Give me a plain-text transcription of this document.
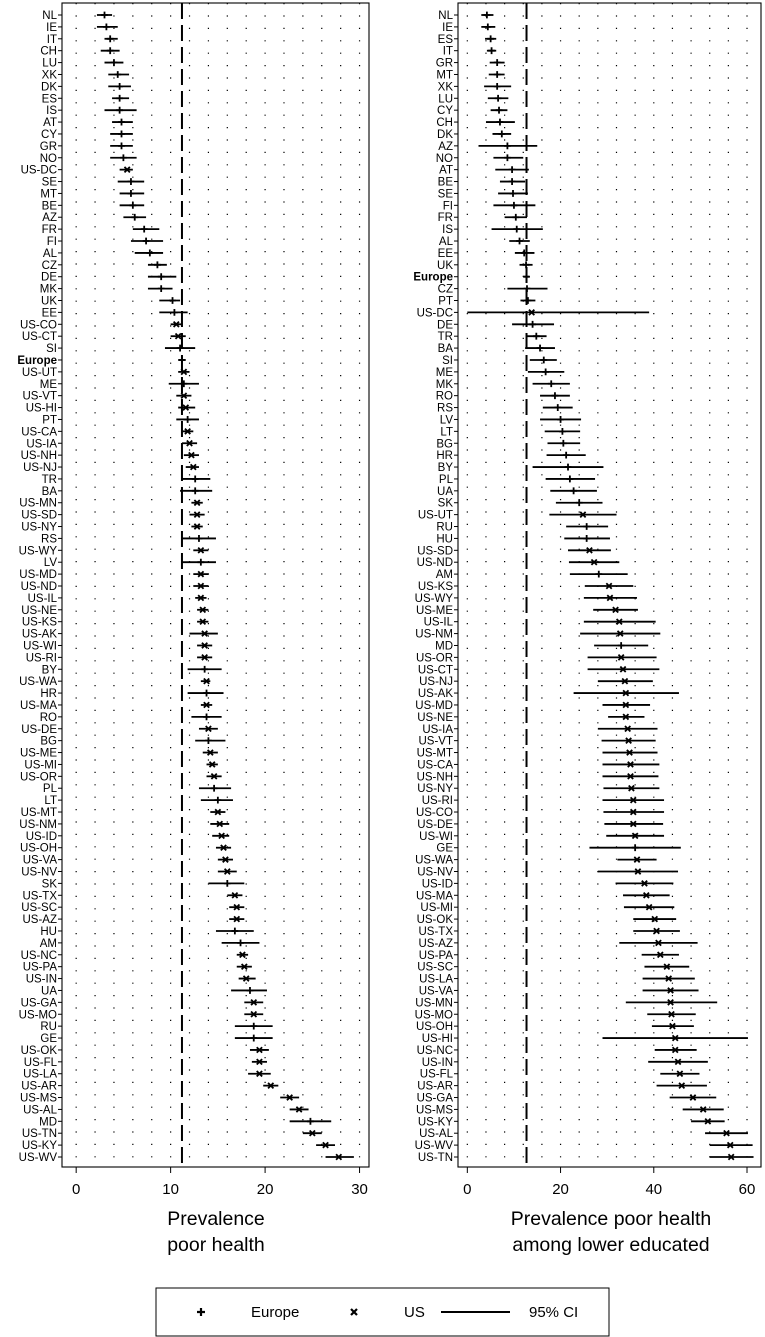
NL
IE
IT
CH
LU
XK
DK
ES
IS
AT
CY
GR
NO
US-DC
SE
MT
BE
AZ
FR
FI
AL
CZ
DE
MK
UK
EE
US-CO
US-CT
SI
Europe
US-UT
ME
US-VT
US-HI
PT
US-CA
US-IA
US-NH
US-NJ
TR
BA
US-MN
US-SD
US-NY
RS
US-WY
LV
US-MD
US-ND
US-IL
US-NE
US-KS
US-AK
US-WI
US-RI
BY
US-WA
HR
US-MA
RO
US-DE
BG
US-ME
US-MI
US-OR
PL
LT
US-MT
US-NM
US-ID
US-OH
US-VA
US-NV
SK
US-TX
US-SC
US-AZ
HU
AM
US-NC
US-PA
US-IN
UA
US-GA
US-MO
RU
GE
US-OK
US-FL
US-LA
US-AR
US-MS
US-AL
MD
US-TN
US-KY
US-WV
0	10	20	30
Prevalence
poor health
NL
IE
ES
IT
GR
MT
XK
LU
CY
CH
DK
AZ
NO
AT
BE
SE
FI
FR
IS
AL
EE
UK
Europe
CZ
PT
US-DC
DE
TR
BA
SI
ME
MK
RO
RS
LV
LT
BG
HR
BY
PL
UA
SK
US-UT
RU
HU
US-SD
US-ND
AM
US-KS
US-WY
US-ME
US-IL
US-NM
MD
US-OR
US-CT
US-NJ
US-AK
US-MD
US-NE
US-IA
US-VT
US-MT
US-CA
US-NH
US-NY
US-RI
US-CO
US-DE
US-WI
GE
US-WA
US-NV
US-ID
US-MA
US-MI
US-OK
US-TX
US-AZ
US-PA
US-SC
US-LA
US-VA
US-MN
US-MO
US-OH
US-HI
US-NC
US-IN
US-FL
US-AR
US-GA
US-MS
US-KY
US-AL
US-WV
US-TN
0	20	40	60
Prevalence poor health
among lower educated
Europe	US	95% CI
